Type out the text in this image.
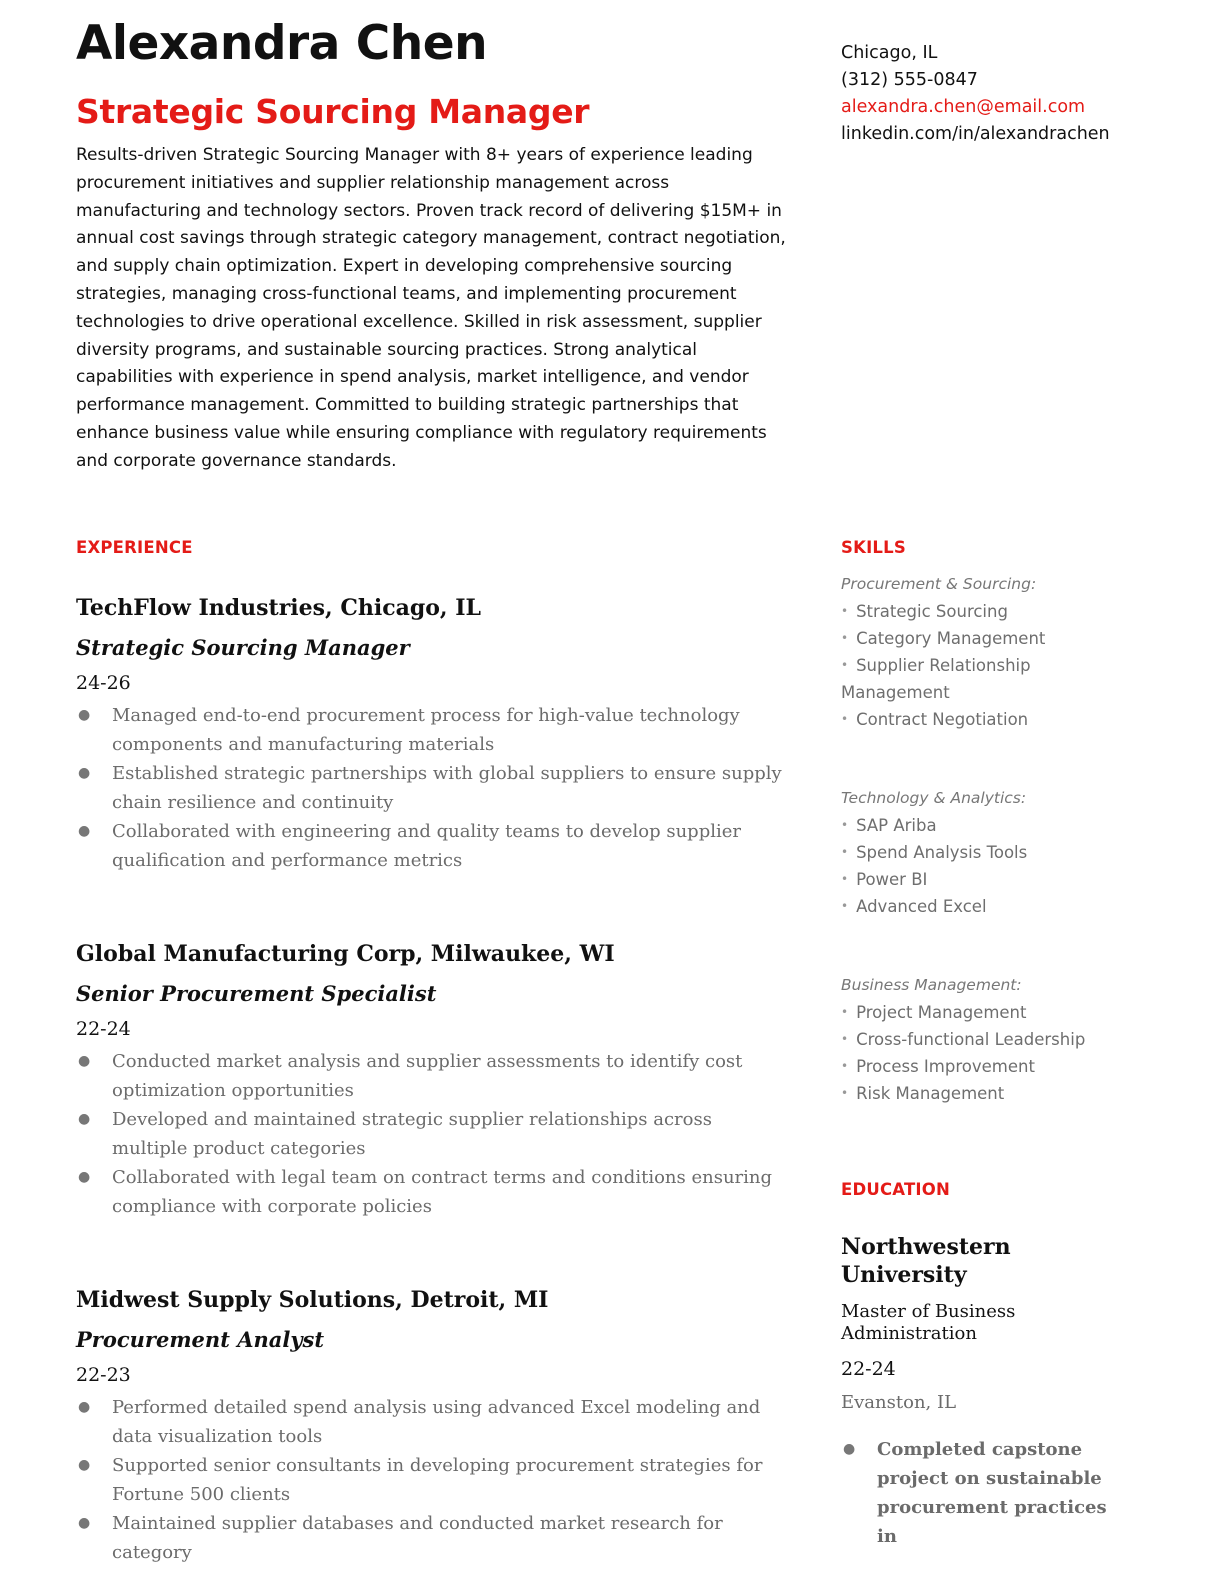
Alexandra Chen
Strategic Sourcing Manager

Results-driven Strategic Sourcing Manager with 8+ years of experience leading procurement initiatives and supplier relationship management across manufacturing and technology sectors. Proven track record of delivering $15M+ in annual cost savings through strategic category management, contract negotiation, and supply chain optimization. Expert in developing comprehensive sourcing strategies, managing cross-functional teams, and implementing procurement technologies to drive operational excellence. Skilled in risk assessment, supplier diversity programs, and sustainable sourcing practices. Strong analytical capabilities with experience in spend analysis, market intelligence, and vendor performance management. Committed to building strategic partnerships that enhance business value while ensuring compliance with regulatory requirements and corporate governance standards.

Chicago, IL
(312) 555-0847
alexandra.chen@email.com
linkedin.com/in/alexandrachen
EXPERIENCE
TechFlow Industries, Chicago, IL
Strategic Sourcing Manager
24-26
● Managed end-to-end procurement process for high-value technology components and manufacturing materials
● Established strategic partnerships with global suppliers to ensure supply chain resilience and continuity
● Collaborated with engineering and quality teams to develop supplier qualification and performance metrics
Global Manufacturing Corp, Milwaukee, WI
Senior Procurement Specialist
22-24
● Conducted market analysis and supplier assessments to identify cost optimization opportunities
● Developed and maintained strategic supplier relationships across multiple product categories
● Collaborated with legal team on contract terms and conditions ensuring compliance with corporate policies
Midwest Supply Solutions, Detroit, MI
Procurement Analyst
22-23
● Performed detailed spend analysis using advanced Excel modeling and data visualization tools
● Supported senior consultants in developing procurement strategies for Fortune 500 clients
● Maintained supplier databases and conducted market research for category
SKILLS
Procurement & Sourcing:
• Strategic Sourcing
• Category Management
• Supplier Relationship Management
• Contract Negotiation
Technology & Analytics:
• SAP Ariba
• Spend Analysis Tools
• Power BI
• Advanced Excel
Business Management:
• Project Management
• Cross-functional Leadership
• Process Improvement
• Risk Management
EDUCATION
Northwestern University
Master of Business Administration
22-24
Evanston, IL
● Completed capstone project on sustainable procurement practices in
